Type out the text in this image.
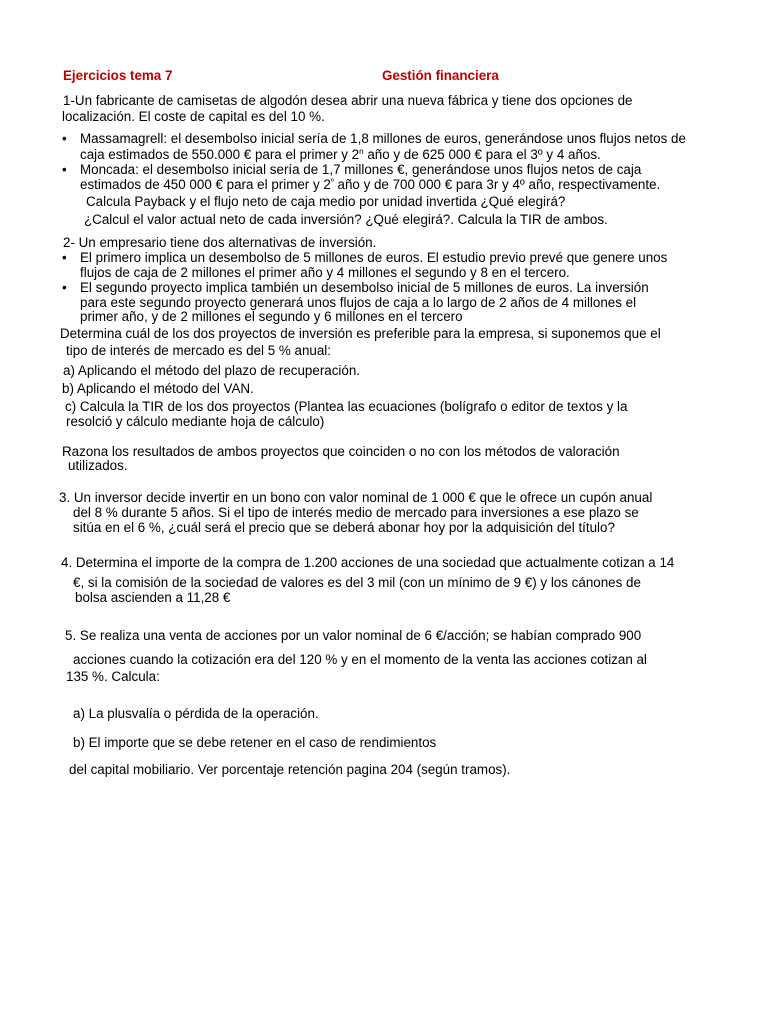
Ejercicios tema 7	Gestión financiera
1-Un fabricante de camisetas de algodón desea abrir una nueva fábrica y tiene dos opciones de
localización. El coste de capital es del 10 %.
• Massamagrell: el desembolso inicial sería de 1,8 millones de euros, generándose unos flujos netos de
caja estimados de 550.000 € para el primer y 2$^n$ año y de 625 000 € para el 3º y 4 años.
• Moncada: el desembolso inicial sería de 1,7 millones €, generándose unos flujos netos de caja
estimados de 450 000 € para el primer y $2^º$ año y de 700 000 € para 3r y 4º año, respectivamente.
Calcula Payback y el flujo neto de caja medio por unidad invertida ¿Qué elegirá?
¿Calcul el valor actual neto de cada inversión? ¿Qué elegirá?. Calcula la TIR de ambos.
2- Un empresario tiene dos alternativas de inversión.
• El primero implica un desembolso de 5 millones de euros. El estudio previo prevé que genere unos
flujos de caja de 2 millones el primer año y 4 millones el segundo y 8 en el tercero.
• El segundo proyecto implica también un desembolso inicial de 5 millones de euros. La inversión
para este segundo proyecto generará unos flujos de caja a lo largo de 2 años de 4 millones el
primer año, y de 2 millones el segundo y 6 millones en el tercero
Determina cuál de los dos proyectos de inversión es preferible para la empresa, si suponemos que el
tipo de interés de mercado es del 5 % anual:
a) Aplicando el método del plazo de recuperación.
b) Aplicando el método del VAN.
c) Calcula la TIR de los dos proyectos (Plantea las ecuaciones (bolígrafo o editor de textos y la
resolció y cálculo mediante hoja de cálculo)
Razona los resultados de ambos proyectos que coinciden o no con los métodos de valoración
utilizados.
3. Un inversor decide invertir en un bono con valor nominal de 1 000 € que le ofrece un cupón anual
del 8 % durante 5 años. Si el tipo de interés medio de mercado para inversiones a ese plazo se
sitúa en el 6 %, ¿cuál será el precio que se deberá abonar hoy por la adquisición del título?
4. Determina el importe de la compra de 1.200 acciones de una sociedad que actualmente cotizan a 14
€, si la comisión de la sociedad de valores es del 3 mil (con un mínimo de 9 €) y los cánones de
bolsa ascienden a 11,28 €
5. Se realiza una venta de acciones por un valor nominal de 6 €/acción; se habían comprado 900
acciones cuando la cotización era del 120 % y en el momento de la venta las acciones cotizan al
135 %. Calcula:
a) La plusvalía o pérdida de la operación.
b) El importe que se debe retener en el caso de rendimientos
del capital mobiliario. Ver porcentaje retención pagina 204 (según tramos).
